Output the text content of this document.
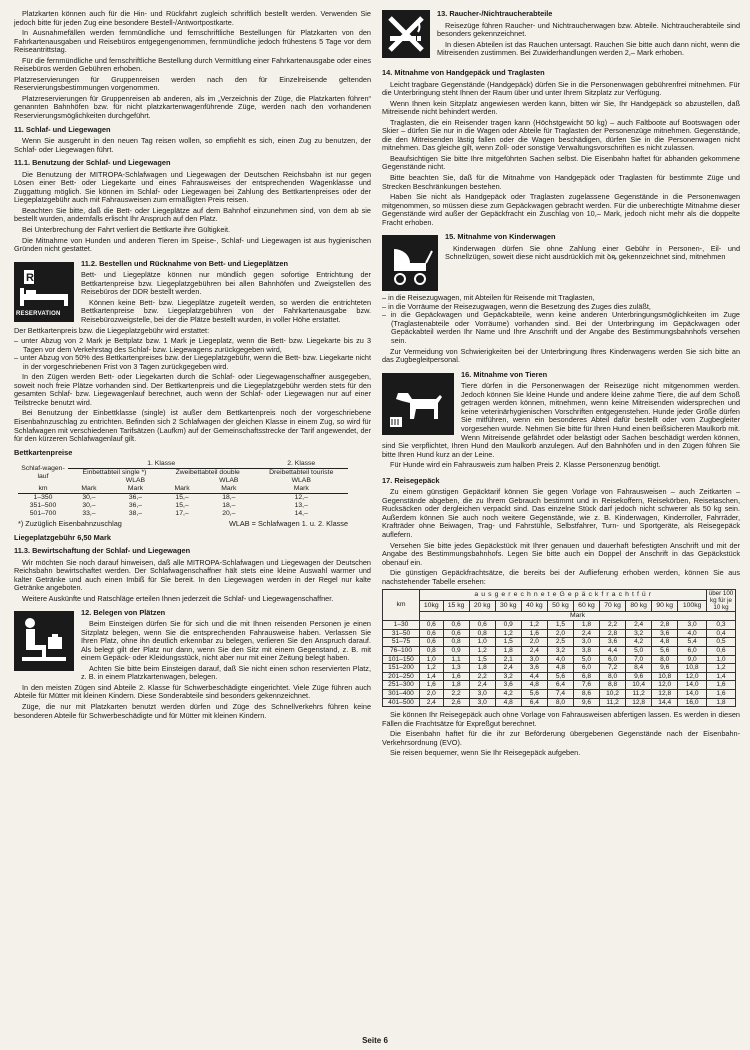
Platzkarten können auch für die Hin- und Rückfahrt zugleich schriftlich bestellt werden. Verwenden Sie jedoch bitte für jeden Zug eine besondere Bestell-/Antwortpostkarte.

In Ausnahmefällen werden fernmündliche und fernschriftliche Bestellungen für Platzkarten von den Fahrkartenausgaben und Reisebüros entgegengenommen, fernmündliche jedoch frühestens 5 Tage vor dem Reiseantrittstag.

Für die fernmündliche und fernschriftliche Bestellung durch Vermittlung einer Fahrkartenausgabe oder eines Reisebüros werden Gebühren erhoben.

Platzreservierungen für Gruppenreisen werden nach den für Einzelreisende geltenden Reservierungsbestimmungen vorgenommen.

Platzreservierungen für Gruppenreisen ab anderen, als im „Verzeichnis der Züge, die Platzkarten führen“ genannten Bahnhöfen bzw. für nicht platzkartenwagenführende Züge, werden nach den vorhandenen Reservierungsmöglichkeiten durchgeführt.

11. Schlaf- und Liegewagen

Wenn Sie ausgeruht in den neuen Tag reisen wollen, so empfiehlt es sich, einen Zug zu benutzen, der Schlaf- oder Liegewagen führt.

11.1. Benutzung der Schlaf- und Liegewagen

Die Benutzung der MITROPA-Schlafwagen und Liegewagen der Deutschen Reichsbahn ist nur gegen Lösen einer Bett- oder Liegekarte und eines Fahrausweises der entsprechenden Wagenklasse und Zuggattung möglich. Sie können im Schlaf- oder Liegewagen bei Zahlung des Bettkartenpreises oder der Liegeplatzgebühr auch mit Fahrausweisen zum ermäßigten Preis reisen.

Beachten Sie bitte, daß die Bett- oder Liegeplätze auf dem Bahnhof einzunehmen sind, von dem ab sie bestellt wurden, andernfalls erlischt Ihr Anspruch auf den Platz.

Bei Unterbrechung der Fahrt verliert die Bettkarte ihre Gültigkeit.

Die Mitnahme von Hunden und anderen Tieren im Speise-, Schlaf- und Liegewagen ist aus hygienischen Gründen nicht gestattet.

R
RESERVATION
11.2. Bestellen und Rücknahme von Bett- und Liegeplätzen

Bett- und Liegeplätze können nur mündlich gegen sofortige Entrichtung der Bettkartenpreise bzw. Liegeplatzgebühren bei allen Bahnhöfen und Zweigstellen des Reisebüros der DDR bestellt werden.

Können keine Bett- bzw. Liegeplätze zugeteilt werden, so werden die entrichteten Bettkartenpreise bzw. Liegeplatzgebühren von der Fahrkartenausgabe bzw. Reisebürozweigstelle, bei der die Plätze bestellt wurden, in voller Höhe erstattet.

Der Bettkartenpreis bzw. die Liegeplatzgebühr wird erstattet:

– unter Abzug von 2 Mark je Bettplatz bzw. 1 Mark je Liegeplatz, wenn die Bett- bzw. Liegekarte bis zu 3 Tagen vor dem Verkehrstag des Schlaf- bzw. Liegewagens zurückgegeben wird,
– unter Abzug von 50% des Bettkartenpreises bzw. der Liegeplatzgebühr, wenn die Bett- bzw. Liegekarte nicht in der vorgeschriebenen Frist von 3 Tagen zurückgegeben wird.

In den Zügen werden Bett- oder Liegekarten durch die Schlaf- oder Liegewagenschaffner ausgegeben, soweit noch freie Plätze vorhanden sind. Der Bettkartenpreis und die Liegeplatzgebühr werden stets für den gesamten Schlaf- bzw. Liegewagenlauf berechnet, auch wenn der Schlaf- oder Liegewagen nur auf einer Teilstrecke benutzt wird.

Bei Benutzung der Einbettklasse (single) ist außer dem Bettkartenpreis noch der vorgeschriebene Eisenbahnzuschlag zu entrichten. Befinden sich 2 Schlafwagen der gleichen Klasse in einem Zug, so wird für Schlafwagen mit verschiedenen Tarifsätzen (Laufkm) auf der Gemeinschaftsstrecke der Tarif angewendet, der für den kürzeren Schlafwagenlauf gilt.

Bettkartenpreise
Schlaf-wagen-lauf	1. Klasse				2. Klasse
	Einbettabteil single *)		Zweibettabteil double		Dreibettabteil touriste
		WLAB		WLAB	WLAB
km	Mark	Mark	Mark	Mark	Mark
1–350	30,–	36,–	15,–	18,–	12,–
351–500	30,–	36,–	15,–	18,–	13,–
501–700	33,–	38,–	17,–	20,–	14,–
*) Zuzüglich Eisenbahnzuschlag	WLAB = Schlafwagen 1. u. 2. Klasse
Liegeplatzgebühr 6,50 Mark
11.3. Bewirtschaftung der Schlaf- und Liegewagen

Wir möchten Sie noch darauf hinweisen, daß alle MITROPA-Schlafwagen und Liegewagen der Deutschen Reichsbahn bewirtschaftet werden. Der Schlafwagenschaffner hält stets eine kleine Auswahl warmer und kalter Getränke und auch einen Imbiß für Sie bereit. In den Liegewagen werden in der Regel nur kalte Getränke angeboten.

Weitere Auskünfte und Ratschläge erteilen Ihnen jederzeit die Schlaf- und Liegewagenschaffner.

12. Belegen von Plätzen

Beim Einsteigen dürfen Sie für sich und die mit Ihnen reisenden Personen je einen Sitzplatz belegen, wenn Sie die entsprechenden Fahrausweise haben. Verlassen Sie Ihren Platz, ohne ihn deutlich erkennbar zu belegen, verlieren Sie den Anspruch darauf. Als belegt gilt der Platz nur dann, wenn Sie den Sitz mit einem Gegenstand, z. B. mit einem Gepäck- oder Kleidungsstück, nicht aber nur mit einer Zeitung belegt haben.

Achten Sie bitte beim Einsteigen darauf, daß Sie nicht einen schon reservierten Platz, z. B. in einem Platzkartenwagen, belegen.

In den meisten Zügen sind Abteile 2. Klasse für Schwerbeschädigte eingerichtet. Viele Züge führen auch Abteile für Mütter mit kleinen Kindern. Diese Sonderabteile sind besonders gekennzeichnet.

Züge, die nur mit Platzkarten benutzt werden dürfen und Züge des Schnellverkehrs führen keine besonderen Abteile für Schwerbeschädigte und für Mütter mit kleinen Kindern.

13. Raucher-/Nichtraucherabteile

Reisezüge führen Raucher- und Nichtraucherwagen bzw. Abteile. Nichtraucherabteile sind besonders gekennzeichnet.

In diesen Abteilen ist das Rauchen untersagt. Rauchen Sie bitte auch dann nicht, wenn die Mitreisenden zustimmen. Bei Zuwiderhandlungen werden 2,– Mark erhoben.

14. Mitnahme von Handgepäck und Traglasten

Leicht tragbare Gegenstände (Handgepäck) dürfen Sie in die Personenwagen gebührenfrei mitnehmen. Für die Unterbringung steht Ihnen der Raum über und unter Ihrem Sitzplatz zur Verfügung.

Wenn Ihnen kein Sitzplatz angewiesen werden kann, bitten wir Sie, Ihr Handgepäck so abzustellen, daß Mitreisende nicht behindert werden.

Traglasten, die ein Reisender tragen kann (Höchstgewicht 50 kg) – auch Faltboote auf Bootswagen oder Skier – dürfen Sie nur in die Wagen oder Abteile für Traglasten der Personenzüge mitnehmen. Gegenstände, die den Mitreisenden lästig fallen oder die Wagen beschädigen, dürfen Sie in die Personenwagen nicht mitnehmen. Das gleiche gilt, wenn Zoll- oder sonstige Verwaltungsvorschriften es nicht zulassen.

Beaufsichtigen Sie bitte Ihre mitgeführten Sachen selbst. Die Eisenbahn haftet für abhanden gekommene Gegenstände nicht.

Bitte beachten Sie, daß für die Mitnahme von Handgepäck oder Traglasten für bestimmte Züge und Strecken Beschränkungen bestehen.

Haben Sie nicht als Handgepäck oder Traglasten zugelassene Gegenstände in die Personenwagen mitgenommen, so müssen diese zum Gepäckwagen gebracht werden. Für die unberechtigte Mitnahme dieser Gegenstände wird außer der Gepäckfracht ein Zuschlag von 10,– Mark, jedoch nicht mehr als die doppelte Fracht erhoben.

15. Mitnahme von Kinderwagen

Kinderwagen dürfen Sie ohne Zahlung einer Gebühr in Personen-, Eil- und Schnellzügen, soweit diese nicht ausdrücklich mit ꝺꝶ gekennzeichnet sind, mitnehmen

– in die Reisezugwagen, mit Abteilen für Reisende mit Traglasten,
– in die Vorräume der Reisezugwagen, wenn die Besetzung des Zuges dies zuläßt,
– in die Gepäckwagen und Gepäckabteile, wenn keine anderen Unterbringungsmöglichkeiten im Zuge (Traglastenabteile oder Vorräume) vorhanden sind. Bei der Unterbringung im Gepäckwagen oder Gepäckabteil werden Ihr Name und Ihre Anschrift und der Angabe des Bestimmungsbahnhofs versehen sein.

Zur Vermeidung von Schwierigkeiten bei der Unterbringung Ihres Kinderwagens werden Sie sich bitte an das Zugbegleitpersonal.

16. Mitnahme von Tieren

Tiere dürfen in die Personenwagen der Reisezüge nicht mitgenommen werden. Jedoch können Sie kleine Hunde und andere kleine zahme Tiere, die auf dem Schoß getragen werden können, mitnehmen, wenn keine Mitreisenden widersprechen und keine veterinärhygienischen Vorschriften entgegenstehen. Hunde jeder Größe dürfen Sie mitführen, wenn ein besonderes Abteil dafür bestellt oder vom Zugbegleiter vorgesehen wurde. Nehmen Sie bitte für Ihren Hund einen beißsicheren Maulkorb mit. Wenn Mitreisende gefährdet oder belästigt oder Sachen beschädigt werden können, sind Sie verpflichtet, Ihren Hund den Maulkorb anzulegen. Auf den Bahnhöfen und in den Zügen führen Sie bitte Ihren Hund kurz an der Leine.

Für Hunde wird ein Fahrausweis zum halben Preis 2. Klasse Personenzug benötigt.

17. Reisegepäck

Zu einem günstigen Gepäcktarif können Sie gegen Vorlage von Fahrausweisen – auch Zeitkarten – Gegenstände abgeben, die zu Ihrem Gebrauch bestimmt und in Reisekoffern, Reisekörben, Reisetaschen, Rucksäcken oder dergleichen verpackt sind. Das einzelne Stück darf jedoch nicht schwerer als 50 kg sein. Außerdem können Sie auch noch weitere Gegenstände, wie z. B. Kinderwagen, Kinderroller, Fahrräder, Krafträder ohne Beiwagen, Trag- und Fahrstühle, Selbstfahrer, Turn- und Sportgeräte, als Reisegepäck auflefern.

Versehen Sie bitte jedes Gepäckstück mit Ihrer genauen und dauerhaft befestigten Anschrift und mit der Angabe des Bestimmungsbahnhofs. Legen Sie bitte auch ein Doppel der Anschrift in das Gepäckstück obenauf ein.

Die günstigen Gepäckfrachtsätze, die bereits bei der Auflieferung erhoben werden, können Sie aus nachstehender Tabelle ersehen:

km	a u s g e r e c h n e t e G e p ä c k f r a c h t f ü r											über 100 kg für je 10 kg
	10kg	15 kg	20 kg	30 kg	40 kg	50 kg	60 kg	70 kg	80 kg	90 kg	100kg	
	Mark											
1–30	0,6	0,6	0,6	0,9	1,2	1,5	1,8	2,2	2,4	2,8	3,0	0,3
31–50	0,6	0,6	0,8	1,2	1,6	2,0	2,4	2,8	3,2	3,6	4,0	0,4
51–75	0,6	0,8	1,0	1,5	2,0	2,5	3,0	3,6	4,2	4,8	5,4	0,5
76–100	0,8	0,9	1,2	1,8	2,4	3,2	3,8	4,4	5,0	5,6	6,0	0,6
101–150	1,0	1,1	1,5	2,1	3,0	4,0	5,0	6,0	7,0	8,0	9,0	1,0
151–200	1,2	1,3	1,8	2,4	3,6	4,8	6,0	7,2	8,4	9,6	10,8	1,2
201–250	1,4	1,6	2,2	3,2	4,4	5,6	6,8	8,0	9,6	10,8	12,0	1,4
251–300	1,6	1,8	2,4	3,6	4,8	6,4	7,6	8,8	10,4	12,0	14,0	1,6
301–400	2,0	2,2	3,0	4,2	5,6	7,4	8,6	10,2	11,2	12,8	14,0	1,6
401–500	2,4	2,6	3,0	4,8	6,4	8,0	9,6	11,2	12,8	14,4	16,0	1,8

Sie können Ihr Reisegepäck auch ohne Vorlage von Fahrausweisen abfertigen lassen. Es werden in diesen Fällen die Frachtsätze für Expreßgut berechnet.

Die Eisenbahn haftet für die ihr zur Beförderung übergebenen Gegenstände nach der Eisenbahn-Verkehrsordnung (EVO).

Sie reisen bequemer, wenn Sie Ihr Reisegepäck aufgeben.

Seite 6
